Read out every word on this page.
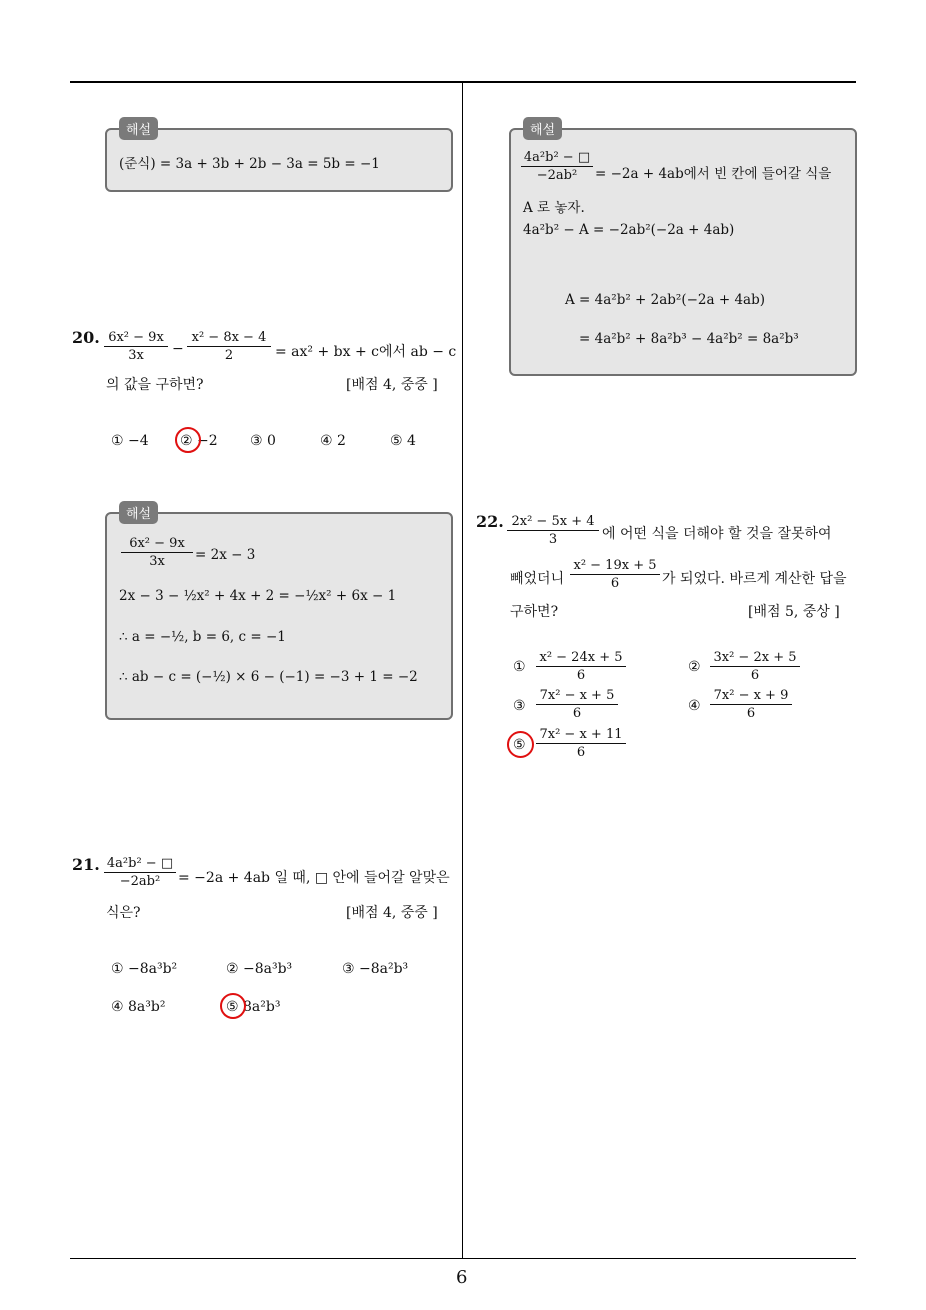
(준식) = 3a + 3b + 2b − 3a = 5b = −1
해설
20. $\frac{\text{6x² − 9x}}{3x} - \frac{\text{x² − 8x − 4}}{2} = ax^2$ + bx + c에서 ab − c
의 값을 구하면?	[배점 4, 중중 ]
① −4 ② −2 ③ 0	④ 2	⑤ 4
$\frac{\text{6x² − 9x}}{3x} = 2x - 3$
2x − 3 − ½x² + 4x + 2 = −½x² + 6x − 1
∴ a = −½, b = 6, c = −1
∴ ab − c = (−½) × 6 − (−1) = −3 + 1 = −2
해설
21. $\frac{\text{4a²b² − □}}{\text{−2ab²}} = -2a + 4ab$ 일 때, □ 안에 들어갈 알맞은
식은?	[배점 4, 중중 ]
① −8a³b²	② −8a³b³	③ −8a²b³
④ 8a³b²	⑤ 8a²b³
$\frac{\text{4a²b² − □}}{\text{−2ab²}} = -2a + 4ab$에서 빈 칸에 들어갈 식을
A 로 놓자.
4a²b² − A = −2ab²(−2a + 4ab)
A = 4a²b² + 2ab²(−2a + 4ab)
= 4a²b² + 8a²b³ − 4a²b² = 8a²b³
해설
22. $\frac{\text{2x² − 5x + 4}}{3}$ 에 어떤 식을 더해야 할 것을 잘못하여
빼었더니 $\frac{\text{x² − 19x + 5}}{6}$ 가 되었다. 바르게 계산한 답을
구하면?	[배점 5, 중상 ]
① $\frac{\text{x² − 24x + 5}}{6}$	② $\frac{\text{3x² − 2x + 5}}{6}$
③ $\frac{\text{7x² − x + 5}}{6}$	④ $\frac{\text{7x² − x + 9}}{6}$
⑤ $\frac{\text{7x² − x + 11}}{6}$
6
